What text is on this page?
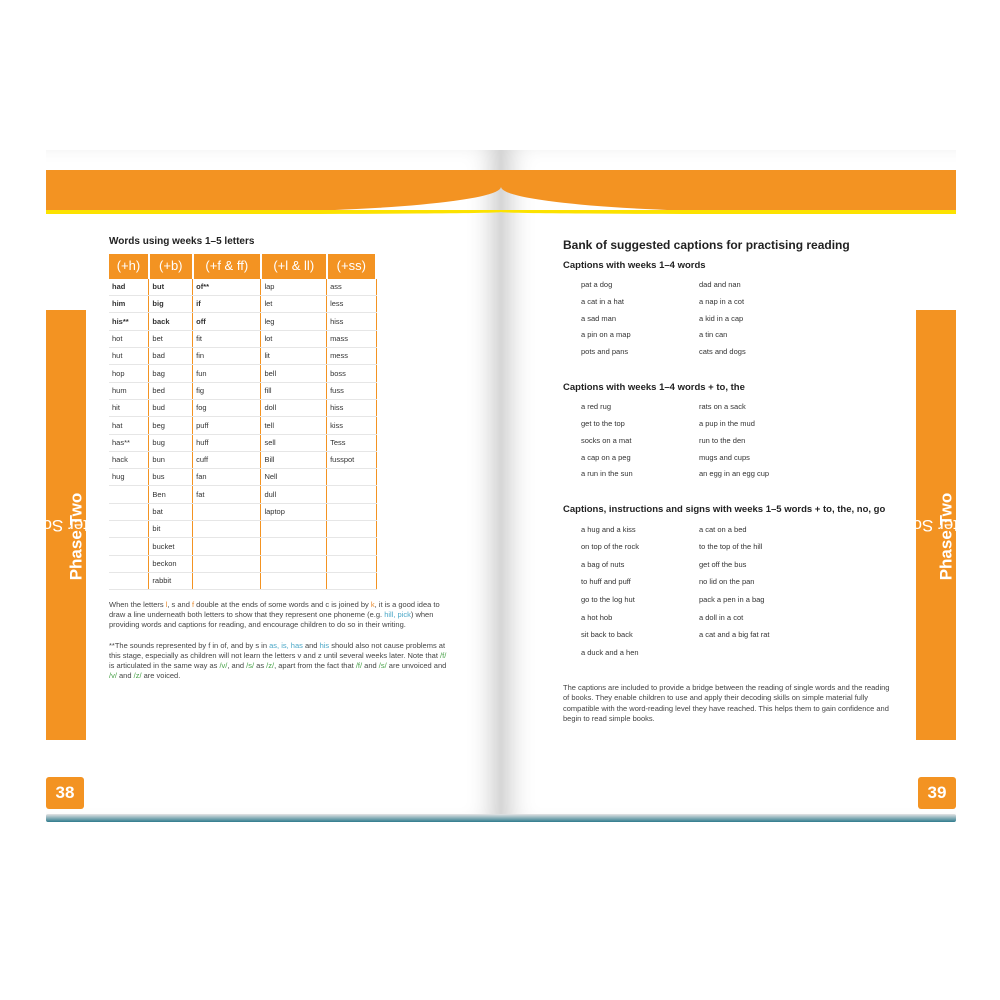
Letter Sounds:
Phase Two
Words using weeks 1–5 letters
(+h)	(+b)	(+f & ff)	(+l & ll)	(+ss)
had	but	of**	lap	ass
him	big	if	let	less
his**	back	off	leg	hiss
hot	bet	fit	lot	mass
hut	bad	fin	lit	mess
hop	bag	fun	bell	boss
hum	bed	fig	fill	fuss
hit	bud	fog	doll	hiss
hat	beg	puff	tell	kiss
has**	bug	huff	sell	Tess
hack	bun	cuff	Bill	fusspot
hug	bus	fan	Nell	
	Ben	fat	dull	
	bat		laptop	
	bit			
	bucket			
	beckon			
	rabbit			
When the letters l, s and f double at the ends of some words and c is joined by k, it is a good idea to draw a line underneath both letters to show that they represent one phoneme (e.g. hill, pick) when providing words and captions for reading, and encourage children to do so in their writing.
**The sounds represented by f in of, and by s in as, is, has and his should also not cause problems at this stage, especially as children will not learn the letters v and z until several weeks later. Note that /f/ is articulated in the same way as /v/, and /s/ as /z/, apart from the fact that /f/ and /s/ are unvoiced and /v/ and /z/ are voiced.
38
Letter Sounds:
Phase Two
Bank of suggested captions for practising reading
Captions with weeks 1–4 words
pat a dog	dad and nan
a cat in a hat	a nap in a cot
a sad man	a kid in a cap
a pin on a map	a tin can
pots and pans	cats and dogs
Captions with weeks 1–4 words + to, the
a red rug	rats on a sack
get to the top	a pup in the mud
socks on a mat	run to the den
a cap on a peg	mugs and cups
a run in the sun	an egg in an egg cup
Captions, instructions and signs with weeks 1–5 words + to, the, no, go
a hug and a kiss	a cat on a bed
on top of the rock	to the top of the hill
a bag of nuts	get off the bus
to huff and puff	no lid on the pan
go to the log hut	pack a pen in a bag
a hot hob	a doll in a cot
sit back to back	a cat and a big fat rat
a duck and a hen
The captions are included to provide a bridge between the reading of single words and the reading of books. They enable children to use and apply their decoding skills on simple material fully compatible with the word-reading level they have reached. This helps them to gain confidence and begin to read simple books.
39
